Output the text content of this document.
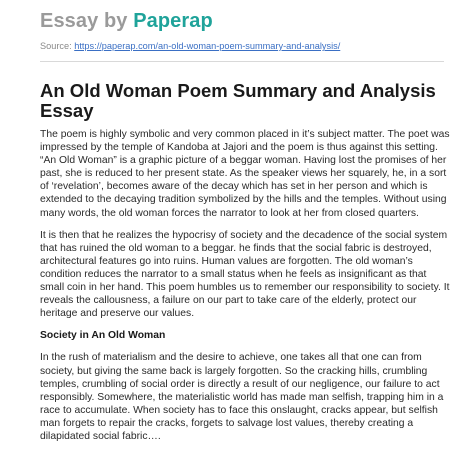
Essay by Paperap
Source: https://paperap.com/an-old-woman-poem-summary-and-analysis/
An Old Woman Poem Summary and Analysis Essay

The poem is highly symbolic and very common placed in it’s subject matter. The poet was impressed by the temple of Kandoba at Jajori and the poem is thus against this setting. “An Old Woman” is a graphic picture of a beggar woman. Having lost the promises of her past, she is reduced to her present state. As the speaker views her squarely, he, in a sort of ‘revelation’, becomes aware of the decay which has set in her person and which is extended to the decaying tradition symbolized by the hills and the temples. Without using many words, the old woman forces the narrator to look at her from closed quarters.

It is then that he realizes the hypocrisy of society and the decadence of the social system that has ruined the old woman to a beggar. he finds that the social fabric is destroyed, architectural features go into ruins. Human values are forgotten. The old woman’s condition reduces the narrator to a small status when he feels as insignificant as that small coin in her hand. This poem humbles us to remember our responsibility to society. It reveals the callousness, a failure on our part to take care of the elderly, protect our heritage and preserve our values.

Society in An Old Woman

In the rush of materialism and the desire to achieve, one takes all that one can from society, but giving the same back is largely forgotten. So the cracking hills, crumbling temples, crumbling of social order is directly a result of our negligence, our failure to act responsibly. Somewhere, the materialistic world has made man selfish, trapping him in a race to accumulate. When society has to face this onslaught, cracks appear, but selfish man forgets to repair the cracks, forgets to salvage lost values, thereby creating a dilapidated social fabric….
